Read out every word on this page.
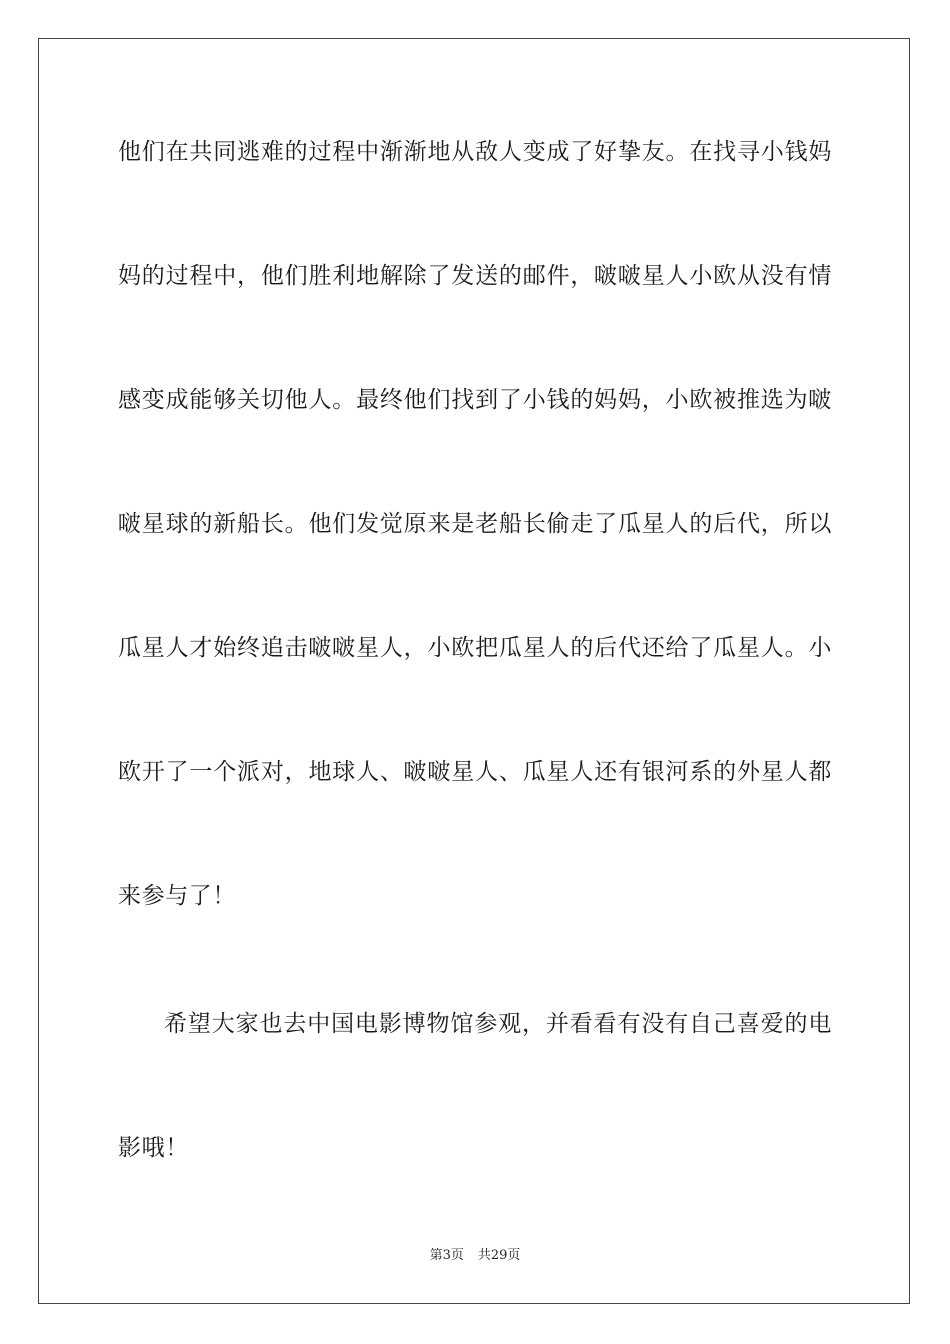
他们在共同逃难的过程中渐渐地从敌人变成了好挚友。在找寻小钱妈
妈的过程中，他们胜利地解除了发送的邮件，啵啵星人小欧从没有情
感变成能够关切他人。最终他们找到了小钱的妈妈，小欧被推选为啵
啵星球的新船长。他们发觉原来是老船长偷走了瓜星人的后代，所以
瓜星人才始终追击啵啵星人，小欧把瓜星人的后代还给了瓜星人。小
欧开了一个派对，地球人、啵啵星人、瓜星人还有银河系的外星人都
来参与了！
希望大家也去中国电影博物馆参观，并看看有没有自己喜爱的电
影哦！
第3页 共29页
